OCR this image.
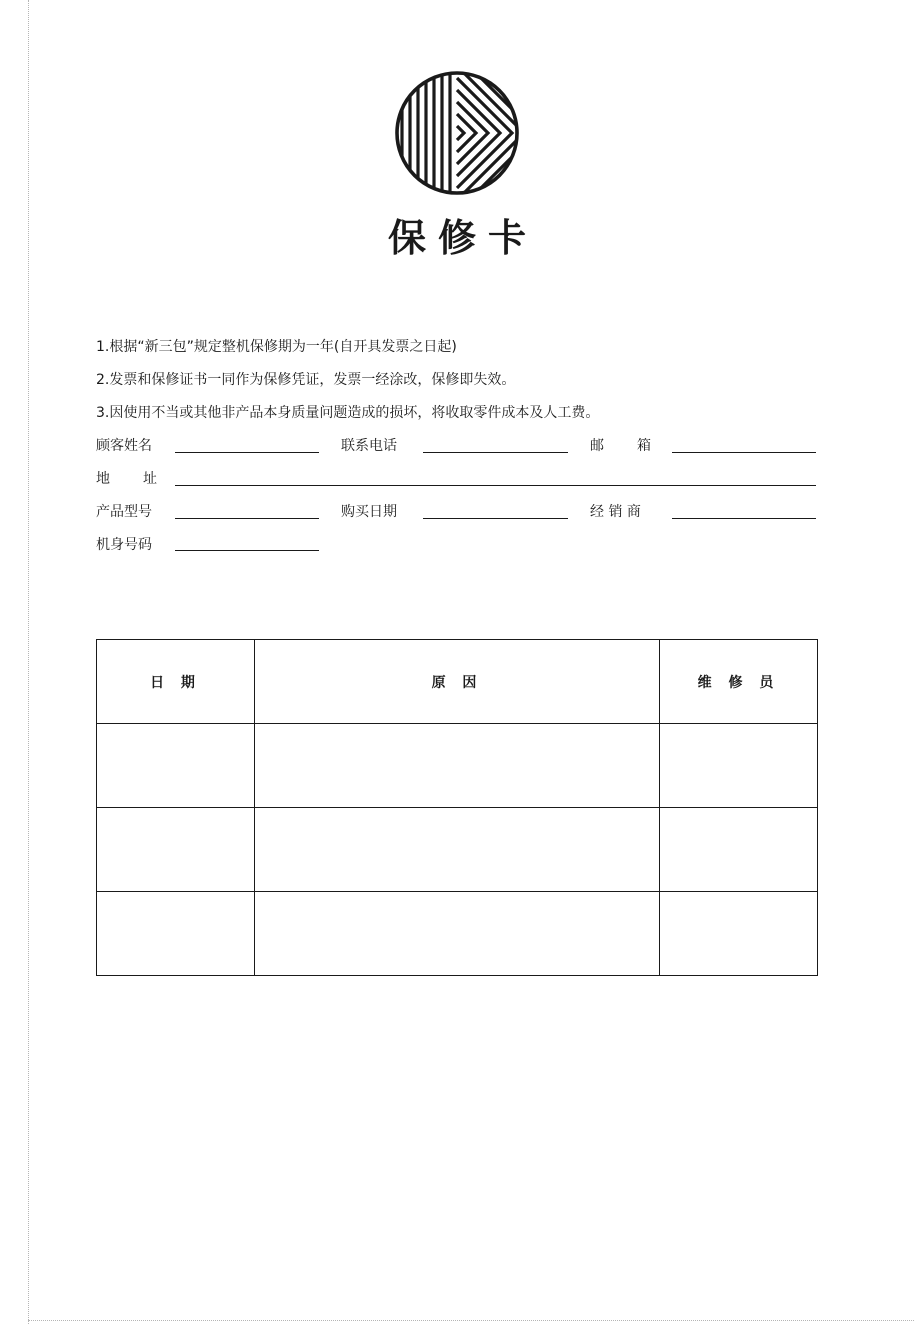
保修卡
1.根据“新三包”规定整机保修期为一年(自开具发票之日起)
2.发票和保修证书一同作为保修凭证，发票一经涂改，保修即失效。
3.因使用不当或其他非产品本身质量问题造成的损坏，将收取零件成本及人工费。
顾客姓名	联系电话	邮 箱
地 址
产品型号	购买日期	经 销 商
机身号码
日 期	原 因	维 修 员
